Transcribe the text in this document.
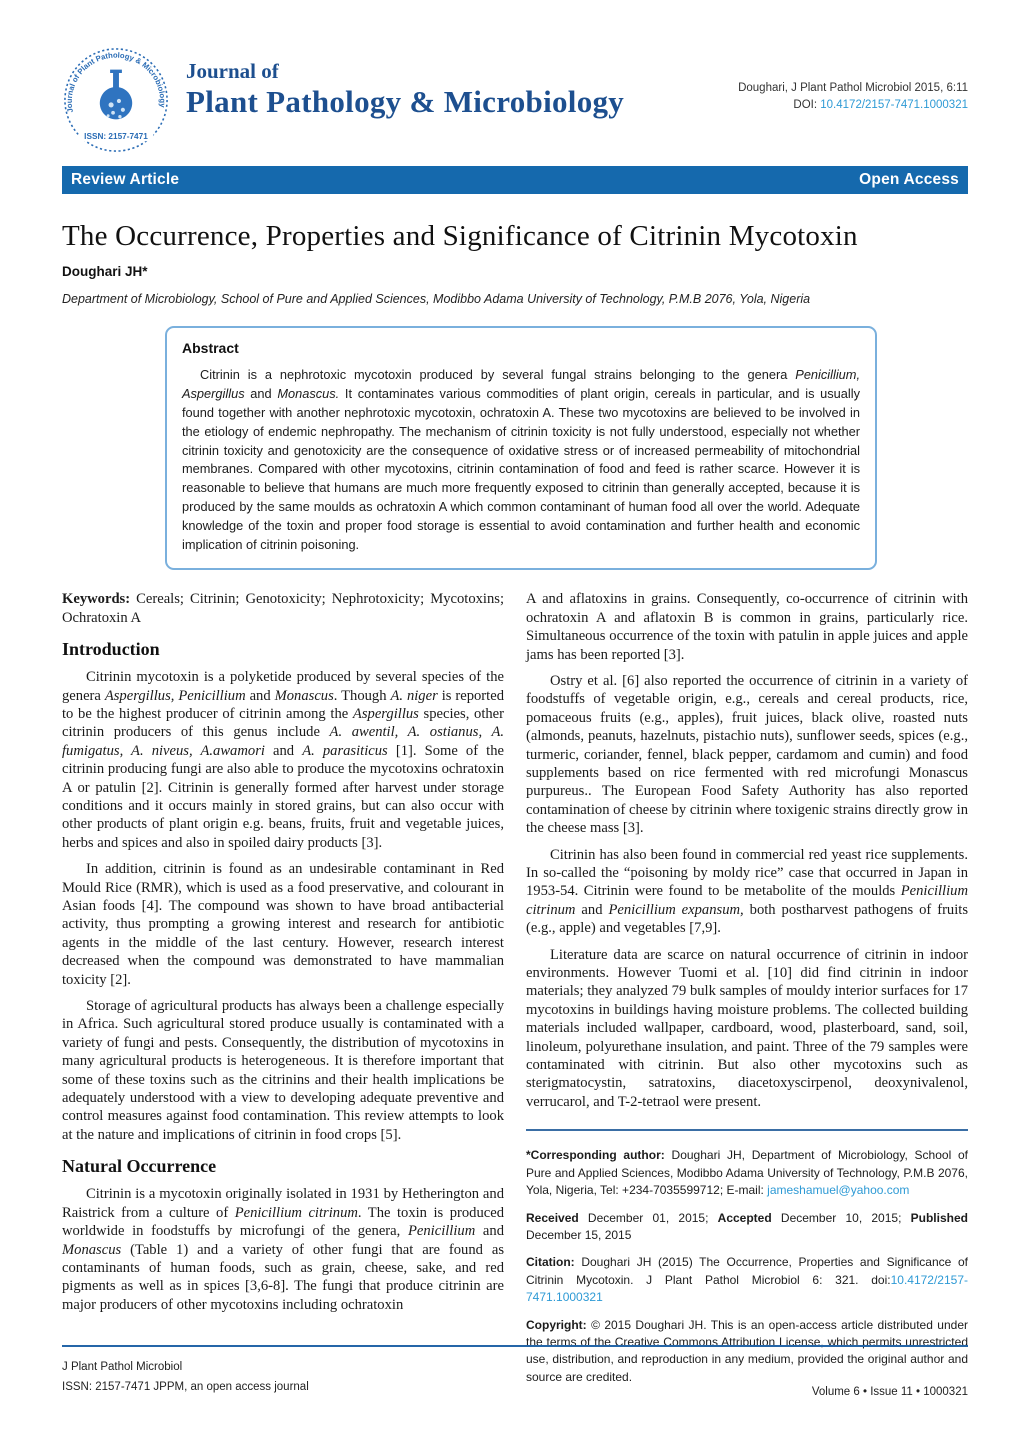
Journal of Plant Pathology & Microbiology
ISSN: 2157-7471
Journal of
Plant Pathology & Microbiology	Doughari, J Plant Pathol Microbiol 2015, 6:11
DOI: 10.4172/2157-7471.1000321
Review Article	Open Access
The Occurrence, Properties and Significance of Citrinin Mycotoxin
Doughari JH*
Department of Microbiology, School of Pure and Applied Sciences, Modibbo Adama University of Technology, P.M.B 2076, Yola, Nigeria

Abstract

Citrinin is a nephrotoxic mycotoxin produced by several fungal strains belonging to the genera Penicillium, Aspergillus and Monascus. It contaminates various commodities of plant origin, cereals in particular, and is usually found together with another nephrotoxic mycotoxin, ochratoxin A. These two mycotoxins are believed to be involved in the etiology of endemic nephropathy. The mechanism of citrinin toxicity is not fully understood, especially not whether citrinin toxicity and genotoxicity are the consequence of oxidative stress or of increased permeability of mitochondrial membranes. Compared with other mycotoxins, citrinin contamination of food and feed is rather scarce. However it is reasonable to believe that humans are much more frequently exposed to citrinin than generally accepted, because it is produced by the same moulds as ochratoxin A which common contaminant of human food all over the world. Adequate knowledge of the toxin and proper food storage is essential to avoid contamination and further health and economic implication of citrinin poisoning.

Keywords: Cereals; Citrinin; Genotoxicity; Nephrotoxicity; Mycotoxins; Ochratoxin A

Introduction

Citrinin mycotoxin is a polyketide produced by several species of the genera Aspergillus, Penicillium and Monascus. Though A. niger is reported to be the highest producer of citrinin among the Aspergillus species, other citrinin producers of this genus include A. awentil, A. ostianus, A. fumigatus, A. niveus, A.awamori and A. parasiticus [1]. Some of the citrinin producing fungi are also able to produce the mycotoxins ochratoxin A or patulin [2]. Citrinin is generally formed after harvest under storage conditions and it occurs mainly in stored grains, but can also occur with other products of plant origin e.g. beans, fruits, fruit and vegetable juices, herbs and spices and also in spoiled dairy products [3].

In addition, citrinin is found as an undesirable contaminant in Red Mould Rice (RMR), which is used as a food preservative, and colourant in Asian foods [4]. The compound was shown to have broad antibacterial activity, thus prompting a growing interest and research for antibiotic agents in the middle of the last century. However, research interest decreased when the compound was demonstrated to have mammalian toxicity [2].

Storage of agricultural products has always been a challenge especially in Africa. Such agricultural stored produce usually is contaminated with a variety of fungi and pests. Consequently, the distribution of mycotoxins in many agricultural products is heterogeneous. It is therefore important that some of these toxins such as the citrinins and their health implications be adequately understood with a view to developing adequate preventive and control measures against food contamination. This review attempts to look at the nature and implications of citrinin in food crops [5].

Natural Occurrence

Citrinin is a mycotoxin originally isolated in 1931 by Hetherington and Raistrick from a culture of Penicillium citrinum. The toxin is produced worldwide in foodstuffs by microfungi of the genera, Penicillium and Monascus (Table 1) and a variety of other fungi that are found as contaminants of human foods, such as grain, cheese, sake, and red pigments as well as in spices [3,6-8]. The fungi that produce citrinin are major producers of other mycotoxins including ochratoxin

A and aflatoxins in grains. Consequently, co-occurrence of citrinin with ochratoxin A and aflatoxin B is common in grains, particularly rice. Simultaneous occurrence of the toxin with patulin in apple juices and apple jams has been reported [3].

Ostry et al. [6] also reported the occurrence of citrinin in a variety of foodstuffs of vegetable origin, e.g., cereals and cereal products, rice, pomaceous fruits (e.g., apples), fruit juices, black olive, roasted nuts (almonds, peanuts, hazelnuts, pistachio nuts), sunflower seeds, spices (e.g., turmeric, coriander, fennel, black pepper, cardamom and cumin) and food supplements based on rice fermented with red microfungi Monascus purpureus.. The European Food Safety Authority has also reported contamination of cheese by citrinin where toxigenic strains directly grow in the cheese mass [3].

Citrinin has also been found in commercial red yeast rice supplements. In so-called the “poisoning by moldy rice” case that occurred in Japan in 1953-54. Citrinin were found to be metabolite of the moulds Penicillium citrinum and Penicillium expansum, both postharvest pathogens of fruits (e.g., apple) and vegetables [7,9].

Literature data are scarce on natural occurrence of citrinin in indoor environments. However Tuomi et al. [10] did find citrinin in indoor materials; they analyzed 79 bulk samples of mouldy interior surfaces for 17 mycotoxins in buildings having moisture problems. The collected building materials included wallpaper, cardboard, wood, plasterboard, sand, soil, linoleum, polyurethane insulation, and paint. Three of the 79 samples were contaminated with citrinin. But also other mycotoxins such as sterigmatocystin, satratoxins, diacetoxyscirpenol, deoxynivalenol, verrucarol, and T-2-tetraol were present.

*Corresponding author: Doughari JH, Department of Microbiology, School of Pure and Applied Sciences, Modibbo Adama University of Technology, P.M.B 2076, Yola, Nigeria, Tel: +234-7035599712; E-mail: jameshamuel@yahoo.com

Received December 01, 2015; Accepted December 10, 2015; Published December 15, 2015

Citation: Doughari JH (2015) The Occurrence, Properties and Significance of Citrinin Mycotoxin. J Plant Pathol Microbiol 6: 321. doi:10.4172/2157-7471.1000321

Copyright: © 2015 Doughari JH. This is an open-access article distributed under the terms of the Creative Commons Attribution License, which permits unrestricted use, distribution, and reproduction in any medium, provided the original author and source are credited.

J Plant Pathol Microbiol
ISSN: 2157-7471 JPPM, an open access journal	Volume 6 • Issue 11 • 1000321
